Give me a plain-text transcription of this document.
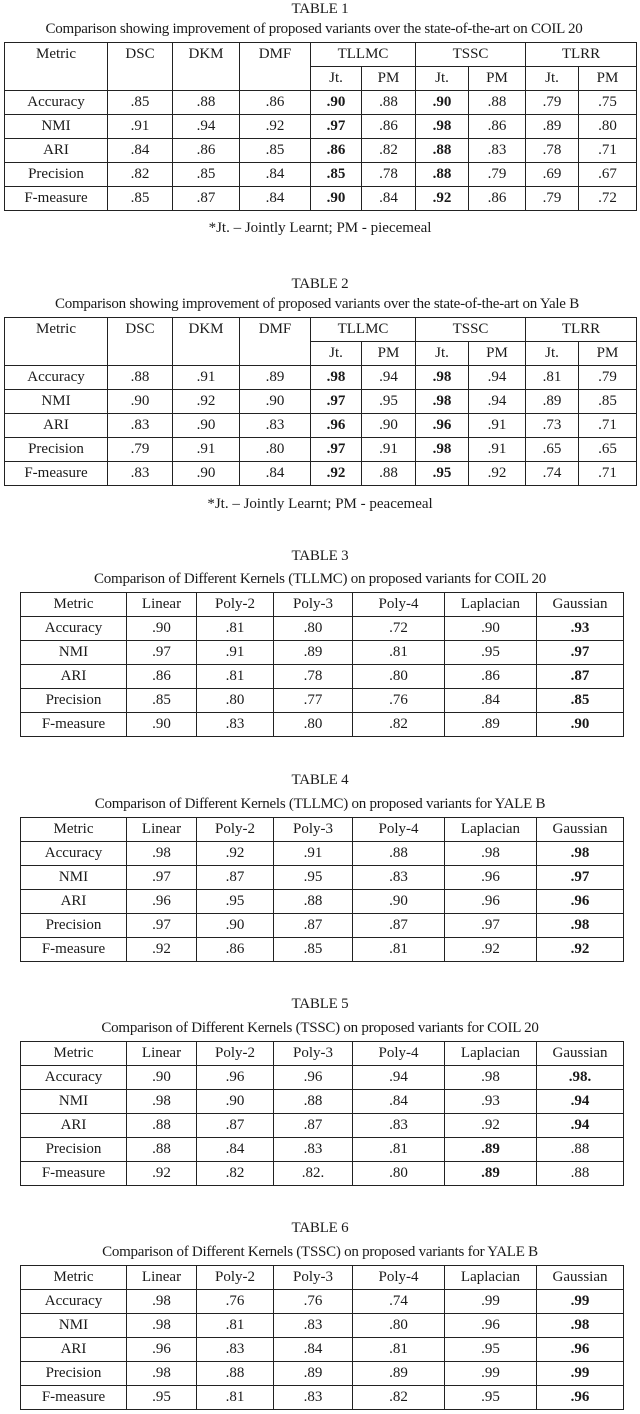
TABLE 1
Comparison showing improvement of proposed variants over the state-of-the-art on COIL 20
Metric	DSC	DKM	DMF	TLLMC		TSSC		TLRR	
				Jt.	PM	Jt.	PM	Jt.	PM
Accuracy	.85	.88	.86	.90	.88	.90	.88	.79	.75
NMI	.91	.94	.92	.97	.86	.98	.86	.89	.80
ARI	.84	.86	.85	.86	.82	.88	.83	.78	.71
Precision	.82	.85	.84	.85	.78	.88	.79	.69	.67
F-measure	.85	.87	.84	.90	.84	.92	.86	.79	.72
*Jt. – Jointly Learnt; PM - piecemeal
TABLE 2
Comparison showing improvement of proposed variants over the state-of-the-art on Yale B
Metric	DSC	DKM	DMF	TLLMC		TSSC		TLRR	
				Jt.	PM	Jt.	PM	Jt.	PM
Accuracy	.88	.91	.89	.98	.94	.98	.94	.81	.79
NMI	.90	.92	.90	.97	.95	.98	.94	.89	.85
ARI	.83	.90	.83	.96	.90	.96	.91	.73	.71
Precision	.79	.91	.80	.97	.91	.98	.91	.65	.65
F-measure	.83	.90	.84	.92	.88	.95	.92	.74	.71
*Jt. – Jointly Learnt; PM - peacemeal
TABLE 3
Comparison of Different Kernels (TLLMC) on proposed variants for COIL 20
Metric	Linear	Poly-2	Poly-3	Poly-4	Laplacian	Gaussian
Accuracy	.90	.81	.80	.72	.90	.93
NMI	.97	.91	.89	.81	.95	.97
ARI	.86	.81	.78	.80	.86	.87
Precision	.85	.80	.77	.76	.84	.85
F-measure	.90	.83	.80	.82	.89	.90
TABLE 4
Comparison of Different Kernels (TLLMC) on proposed variants for YALE B
Metric	Linear	Poly-2	Poly-3	Poly-4	Laplacian	Gaussian
Accuracy	.98	.92	.91	.88	.98	.98
NMI	.97	.87	.95	.83	.96	.97
ARI	.96	.95	.88	.90	.96	.96
Precision	.97	.90	.87	.87	.97	.98
F-measure	.92	.86	.85	.81	.92	.92
TABLE 5
Comparison of Different Kernels (TSSC) on proposed variants for COIL 20
Metric	Linear	Poly-2	Poly-3	Poly-4	Laplacian	Gaussian
Accuracy	.90	.96	.96	.94	.98	.98.
NMI	.98	.90	.88	.84	.93	.94
ARI	.88	.87	.87	.83	.92	.94
Precision	.88	.84	.83	.81	.89	.88
F-measure	.92	.82	.82.	.80	.89	.88
TABLE 6
Comparison of Different Kernels (TSSC) on proposed variants for YALE B
Metric	Linear	Poly-2	Poly-3	Poly-4	Laplacian	Gaussian
Accuracy	.98	.76	.76	.74	.99	.99
NMI	.98	.81	.83	.80	.96	.98
ARI	.96	.83	.84	.81	.95	.96
Precision	.98	.88	.89	.89	.99	.99
F-measure	.95	.81	.83	.82	.95	.96
